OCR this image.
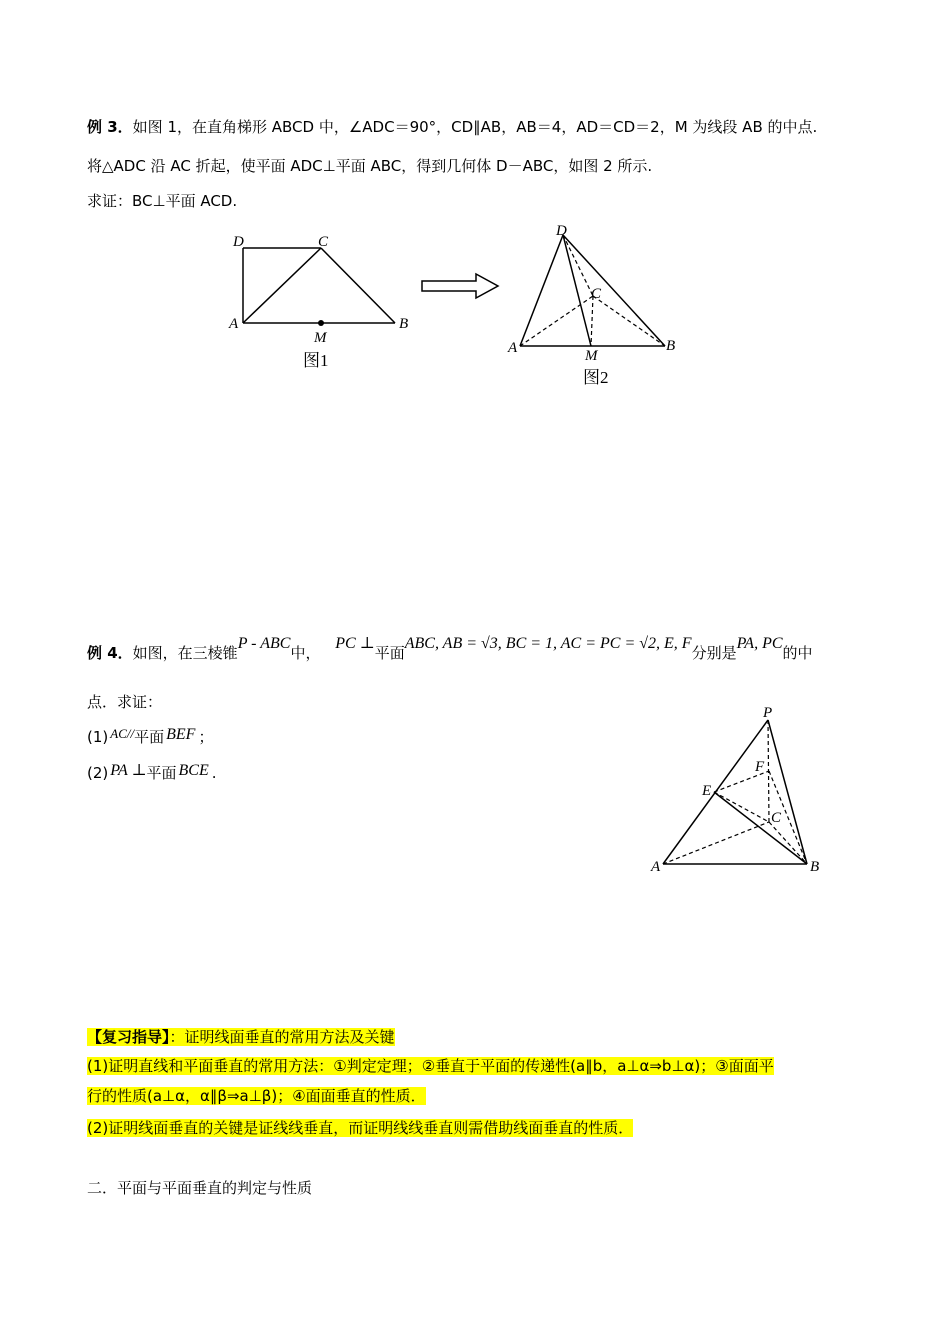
例 3．如图 1，在直角梯形 ABCD 中，∠ADC＝90°，CD∥AB，AB＝4，AD＝CD＝2，M 为线段 AB 的中点.
将△ADC 沿 AC 折起，使平面 ADC⊥平面 ABC，得到几何体 D－ABC，如图 2 所示.
求证：BC⊥平面 ACD.
D	C
A	B
M
图1
D
C
A	B
M
图2
例 4．如图，在三棱锥P - ABC中， PC ⊥平面ABC, AB = √3, BC = 1, AC = PC = √2, E, F分别是PA, PC的中
点．求证：
(1) AC//平面 BEF ；
(2) PA ⊥平面 BCE .
P
F
E
C
A	B
【复习指导】：证明线面垂直的常用方法及关键
(1)证明直线和平面垂直的常用方法：①判定定理；②垂直于平面的传递性(a∥b，a⊥α⇒b⊥α)；③面面平
行的性质(a⊥α，α∥β⇒a⊥β)；④面面垂直的性质．
(2)证明线面垂直的关键是证线线垂直，而证明线线垂直则需借助线面垂直的性质．
二．平面与平面垂直的判定与性质
